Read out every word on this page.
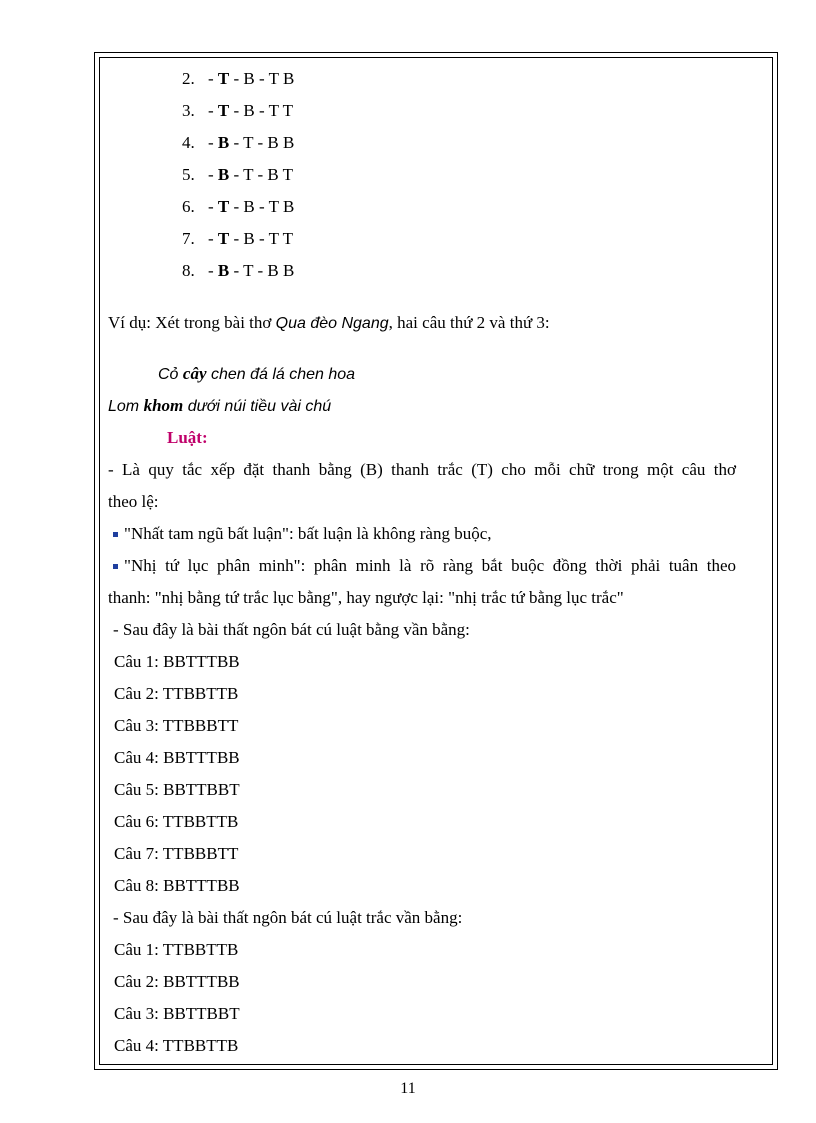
2. - T - B - T B
3. - T - B - T T
4. - B - T - B B
5. - B - T - B T
6. - T - B - T B
7. - T - B - T T
8. - B - T - B B
Ví dụ: Xét trong bài thơ Qua đèo Ngang, hai câu thứ 2 và thứ 3:
Cỏ cây chen đá lá chen hoa
Lom khom dưới núi tiều vài chú
Luật:
- Là quy tắc xếp đặt thanh bằng (B) thanh trắc (T) cho mỗi chữ trong một câu thơ
theo lệ:
"Nhất tam ngũ bất luận": bất luận là không ràng buộc,
"Nhị tứ lục phân minh": phân minh là rõ ràng bắt buộc đồng thời phải tuân theo
thanh: "nhị bằng tứ trắc lục bằng", hay ngược lại: "nhị trắc tứ bằng lục trắc"
- Sau đây là bài thất ngôn bát cú luật bằng vần bằng:
Câu 1: BBTTTBB
Câu 2: TTBBTTB
Câu 3: TTBBBTT
Câu 4: BBTTTBB
Câu 5: BBTTBBT
Câu 6: TTBBTTB
Câu 7: TTBBBTT
Câu 8: BBTTTBB
- Sau đây là bài thất ngôn bát cú luật trắc vần bằng:
Câu 1: TTBBTTB
Câu 2: BBTTTBB
Câu 3: BBTTBBT
Câu 4: TTBBTTB
11
